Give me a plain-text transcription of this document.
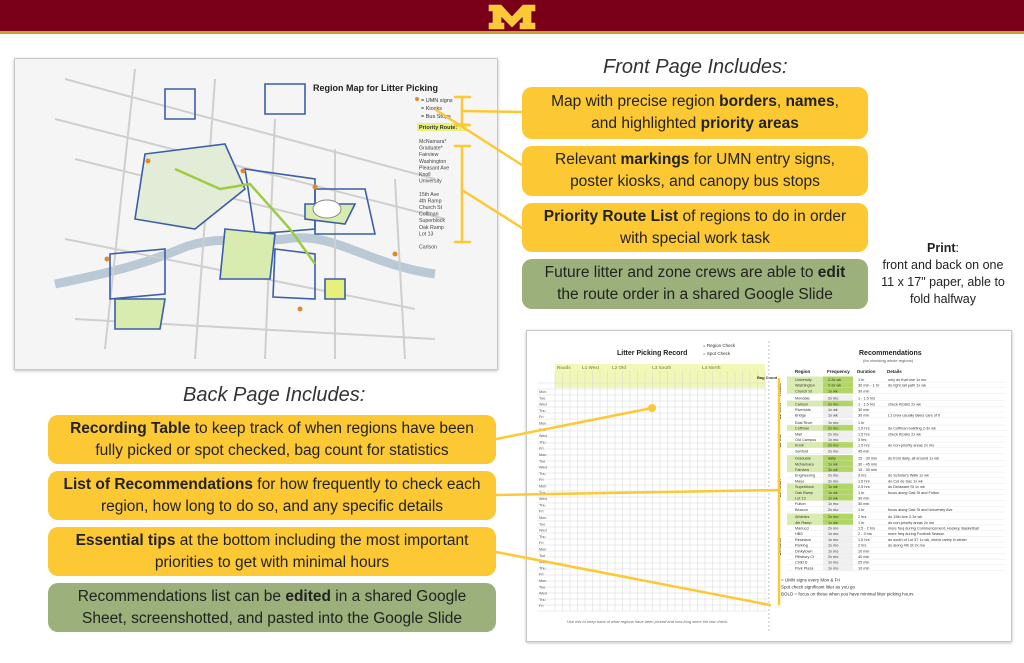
Region Map for Litter Picking
= UMN signs
= Kiosks
= Bus Stops
Priority Route:
McNamara*
Graduate*
Fairview
Washington
Pleasant Ave
Knoll
University
15th Ave
4th Ramp
Church St
Coffman
Superblock
Oak Ramp
Lot 13
Carlson
Litter Picking Record
= Region Check
= Spot Check
Mon
Tue
Wed
Thu
Fri
Mon
Tue
Wed
Thu
Fri
Mon
Tue
Wed
Thu
Fri
Mon
Tue
Wed
Thu
Fri
Mon
Tue
Wed
Thu
Fri
Mon
Tue
Wed
Thu
Fri
Mon
Tue
Wed
Thu
Fri
Bag Count
Use this to keep track of what regions have been picked and how long since the last check.
Recommendations
(for checking whole regions)
Region	Frequency Duration	Details
University	2-3x wk	1 hr	only do that one 1x mo
Washington	2-3x wk	30 min - 1 hr do right rail path 1x wk
Church St	1x wk	30 min
Roads
Mondale	2x mo	1 - 1.5 hrs
Carlson	2x mo	1 - 1.5 hrs	check Kiosks 2x wk
Riverside	1x wk	30 min
Bridge	1x wk	30 min	L1 crew usually takes care of it
L1 West
East River	1x mo	1 hr
Coffman	2x mo	1.5 hrs	do Coffman building 2-3x wk
Mall	2x mo	1.5 hrs	check Kiosks 2x wk
Old Campus	1x mo	3 hrs
Knoll	2x mo	1.5 hrs	do non-priority areas 2x mo
Sanford	2x mo	45 min
L2 Old
Graduate	daily	15 - 30 min	do front daily, all around 1x wk
McNamara	1x wk	30 - 45 min
Fairview	3x wk	15 - 30 min
Engineering	2x mo	3 hrs	do Scholar's Walk 1x wk
Mayo	2x mo	1.5 hrs	do Cut de Sac 1x wk
Superblock	1x wk	2.5 hrs	do Delaware St 1x wk
Oak Ramp	1x wk	1 hr	focus along Oak St and Fulton
Lot 13	1x wk	30 min
Fulton	1x mo	30 min
Beacon	2x mo	1 hr	focus along Oak St and University Ave
L3 South
Athletics	2x mo	2 hrs	do 15th Ave 2-3x wk
4th Ramp	1x wk	1 hr	do non-priority areas 2x mo
Marlucci	2x mo	1.5 - 2 hrs	more freq during Commencement, Hockey, Basketball
HBS	1x mo	2 - 3 hrs	more freq during Football Season
Research	1x mo	1.5 hrs	do south of Lot 37 1x wk, check rarely in winter
Parking	1x mo	2 hrs	do along 4th St 2x mo
Dinkytown	1x mo	10 min
Pillsbury Ct	2x mo	40 min
Child D	1x mo	25 min
Park Plaza	1x mo	10 min
L4 North
= UMN signs every Mon & Fri
Spot check significant litter as you go
BOLD = focus on these when you have minimal litter picking hours
Front Page Includes:
Map with precise region borders, names,
and highlighted priority areas
Relevant markings for UMN entry signs,
poster kiosks, and canopy bus stops
Priority Route List of regions to do in order
with special work task
Future litter and zone crews are able to edit
the route order in a shared Google Slide
Print:
front and back on one 11 x 17" paper, able to fold halfway
Back Page Includes:
Recording Table to keep track of when regions have been
fully picked or spot checked, bag count for statistics
List of Recommendations for how frequently to check each
region, how long to do so, and any specific details
Essential tips at the bottom including the most important
priorities to get with minimal hours
Recommendations list can be edited in a shared Google
Sheet, screenshotted, and pasted into the Google Slide
